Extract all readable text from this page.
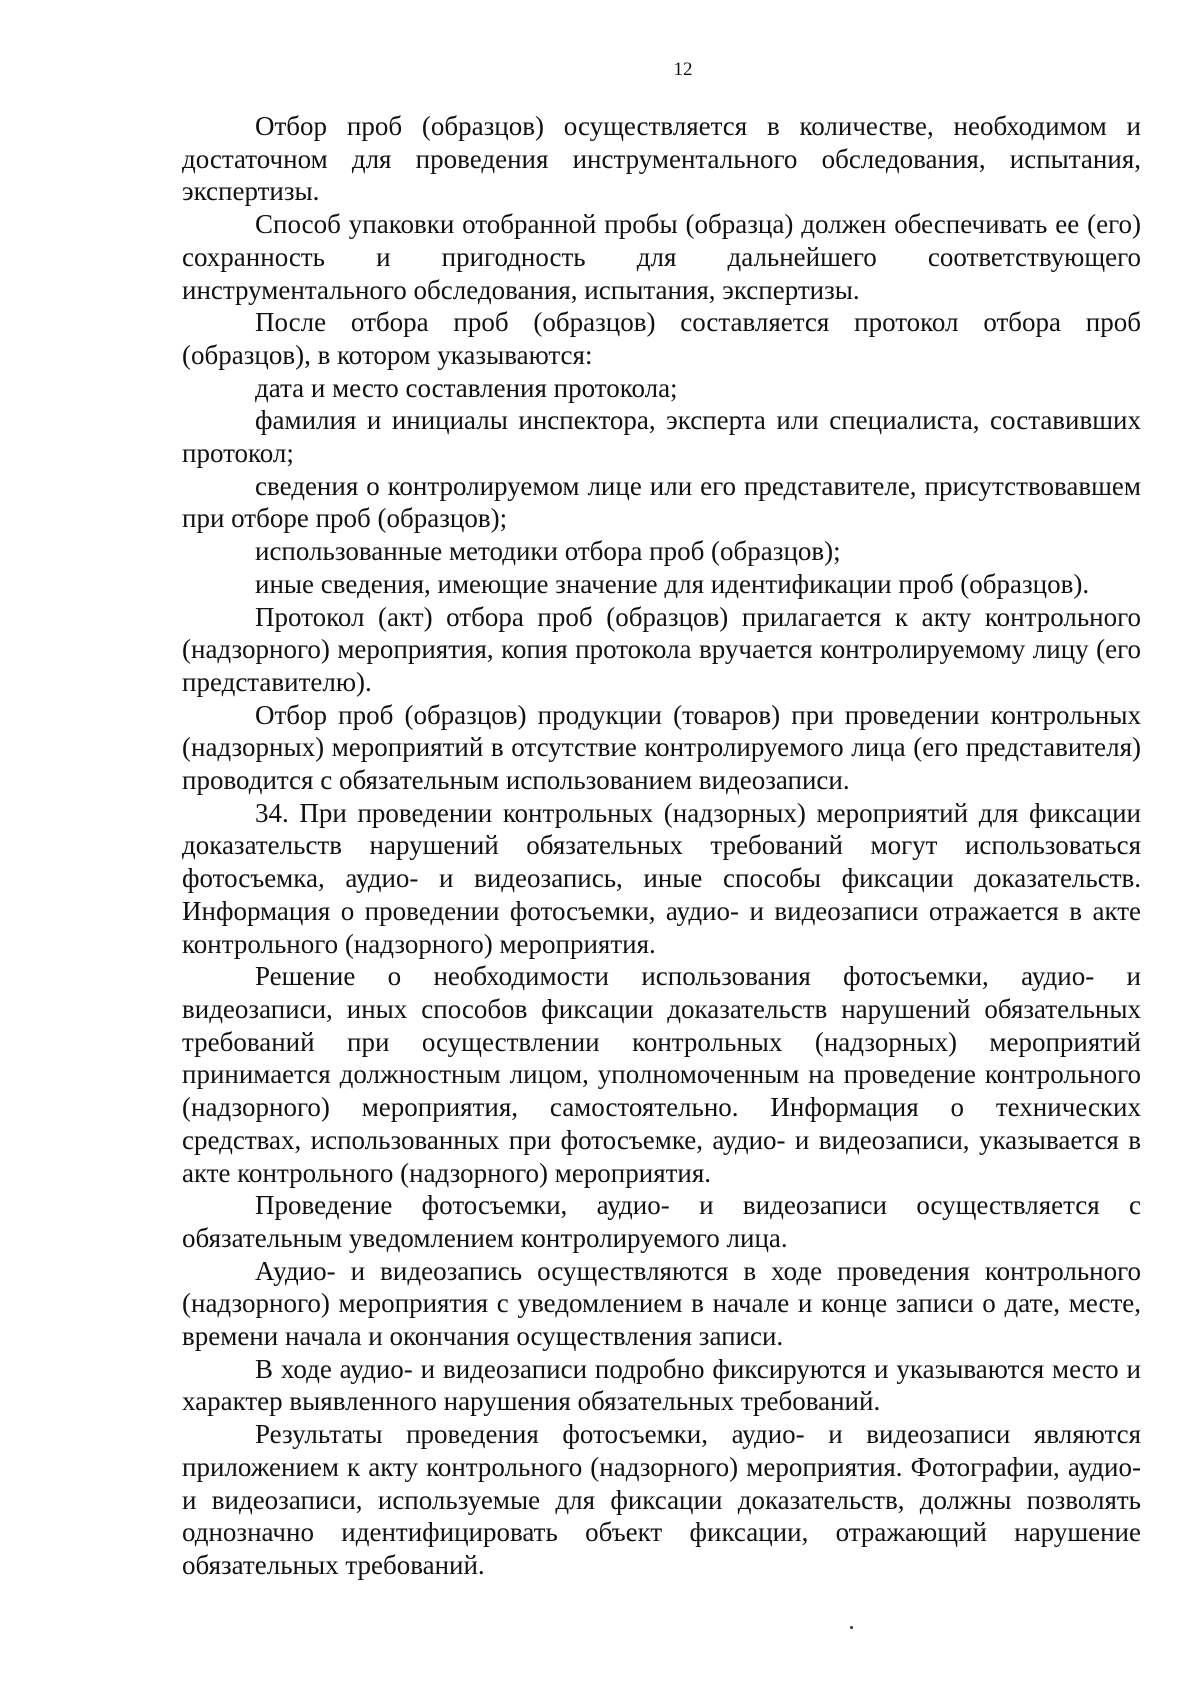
12

Отбор проб (образцов) осуществляется в количестве, необходимом и достаточном для проведения инструментального обследования, испытания, экспертизы.

Способ упаковки отобранной пробы (образца) должен обеспечивать ее (его) сохранность и пригодность для дальнейшего соответствующего инструментального обследования, испытания, экспертизы.

После отбора проб (образцов) составляется протокол отбора проб (образцов), в котором указываются:

дата и место составления протокола;

фамилия и инициалы инспектора, эксперта или специалиста, составивших протокол;

сведения о контролируемом лице или его представителе, присутствовавшем при отборе проб (образцов);

использованные методики отбора проб (образцов);

иные сведения, имеющие значение для идентификации проб (образцов).

Протокол (акт) отбора проб (образцов) прилагается к акту контрольного (надзорного) мероприятия, копия протокола вручается контролируемому лицу (его представителю).

Отбор проб (образцов) продукции (товаров) при проведении контрольных (надзорных) мероприятий в отсутствие контролируемого лица (его представителя) проводится с обязательным использованием видеозаписи.

34. При проведении контрольных (надзорных) мероприятий для фиксации доказательств нарушений обязательных требований могут использоваться фотосъемка, аудио- и видеозапись, иные способы фиксации доказательств. Информация о проведении фотосъемки, аудио- и видеозаписи отражается в акте контрольного (надзорного) мероприятия.

Решение о необходимости использования фотосъемки, аудио- и видеозаписи, иных способов фиксации доказательств нарушений обязательных требований при осуществлении контрольных (надзорных) мероприятий принимается должностным лицом, уполномоченным на проведение контрольного (надзорного) мероприятия, самостоятельно. Информация о технических средствах, использованных при фотосъемке, аудио- и видеозаписи, указывается в акте контрольного (надзорного) мероприятия.

Проведение фотосъемки, аудио- и видеозаписи осуществляется с обязательным уведомлением контролируемого лица.

Аудио- и видеозапись осуществляются в ходе проведения контрольного (надзорного) мероприятия с уведомлением в начале и конце записи о дате, месте, времени начала и окончания осуществления записи.

В ходе аудио- и видеозаписи подробно фиксируются и указываются место и характер выявленного нарушения обязательных требований.

Результаты проведения фотосъемки, аудио- и видеозаписи являются приложением к акту контрольного (надзорного) мероприятия. Фотографии, аудио- и видеозаписи, используемые для фиксации доказательств, должны позволять однозначно идентифицировать объект фиксации, отражающий нарушение обязательных требований.
